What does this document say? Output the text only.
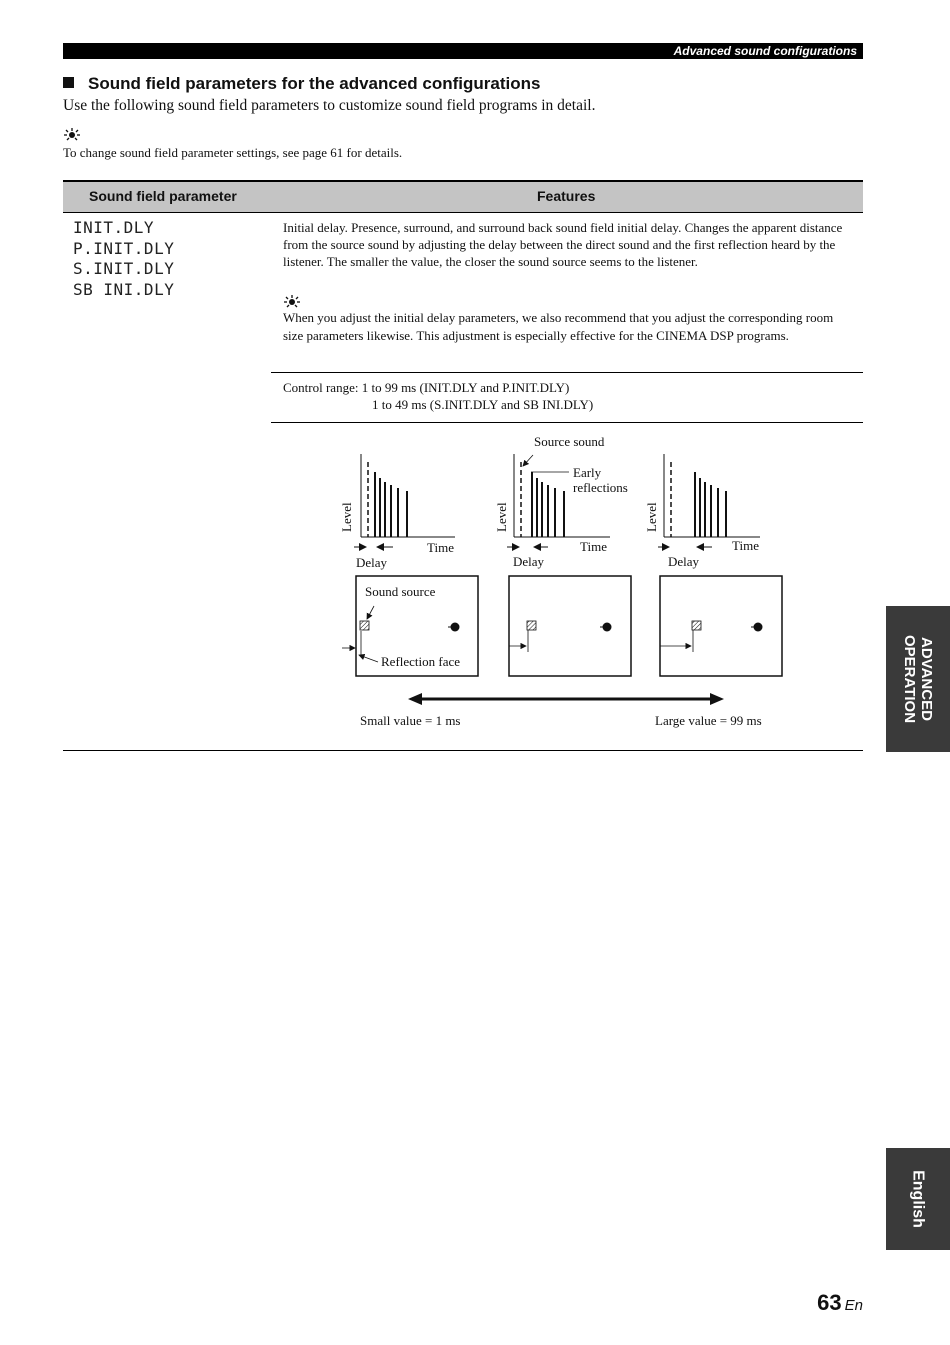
Advanced sound configurations
Sound field parameters for the advanced configurations
Use the following sound field parameters to customize sound field programs in detail.
To change sound field parameter settings, see page 61 for details.
Sound field parameter	Features
INIT.DLY
P.INIT.DLY
S.INIT.DLY
SB INI.DLY
Initial delay. Presence, surround, and surround back sound field initial delay. Changes the apparent distance from the source sound by adjusting the delay between the direct sound and the first reflection heard by the listener. The smaller the value, the closer the sound source seems to the listener.
When you adjust the initial delay parameters, we also recommend that you adjust the corresponding room size parameters likewise. This adjustment is especially effective for the CINEMA DSP programs.
Control range: 1 to 99 ms (INIT.DLY and P.INIT.DLY)
1 to 49 ms (S.INIT.DLY and SB INI.DLY)
Level
Time
Delay
Source sound
Early
reflections
Level
Time
Delay
Level
Time
Delay
Sound source
Reflection face
Small value = 1 ms	Large value = 99 ms	ADVANCED
OPERATION
English
63 En
